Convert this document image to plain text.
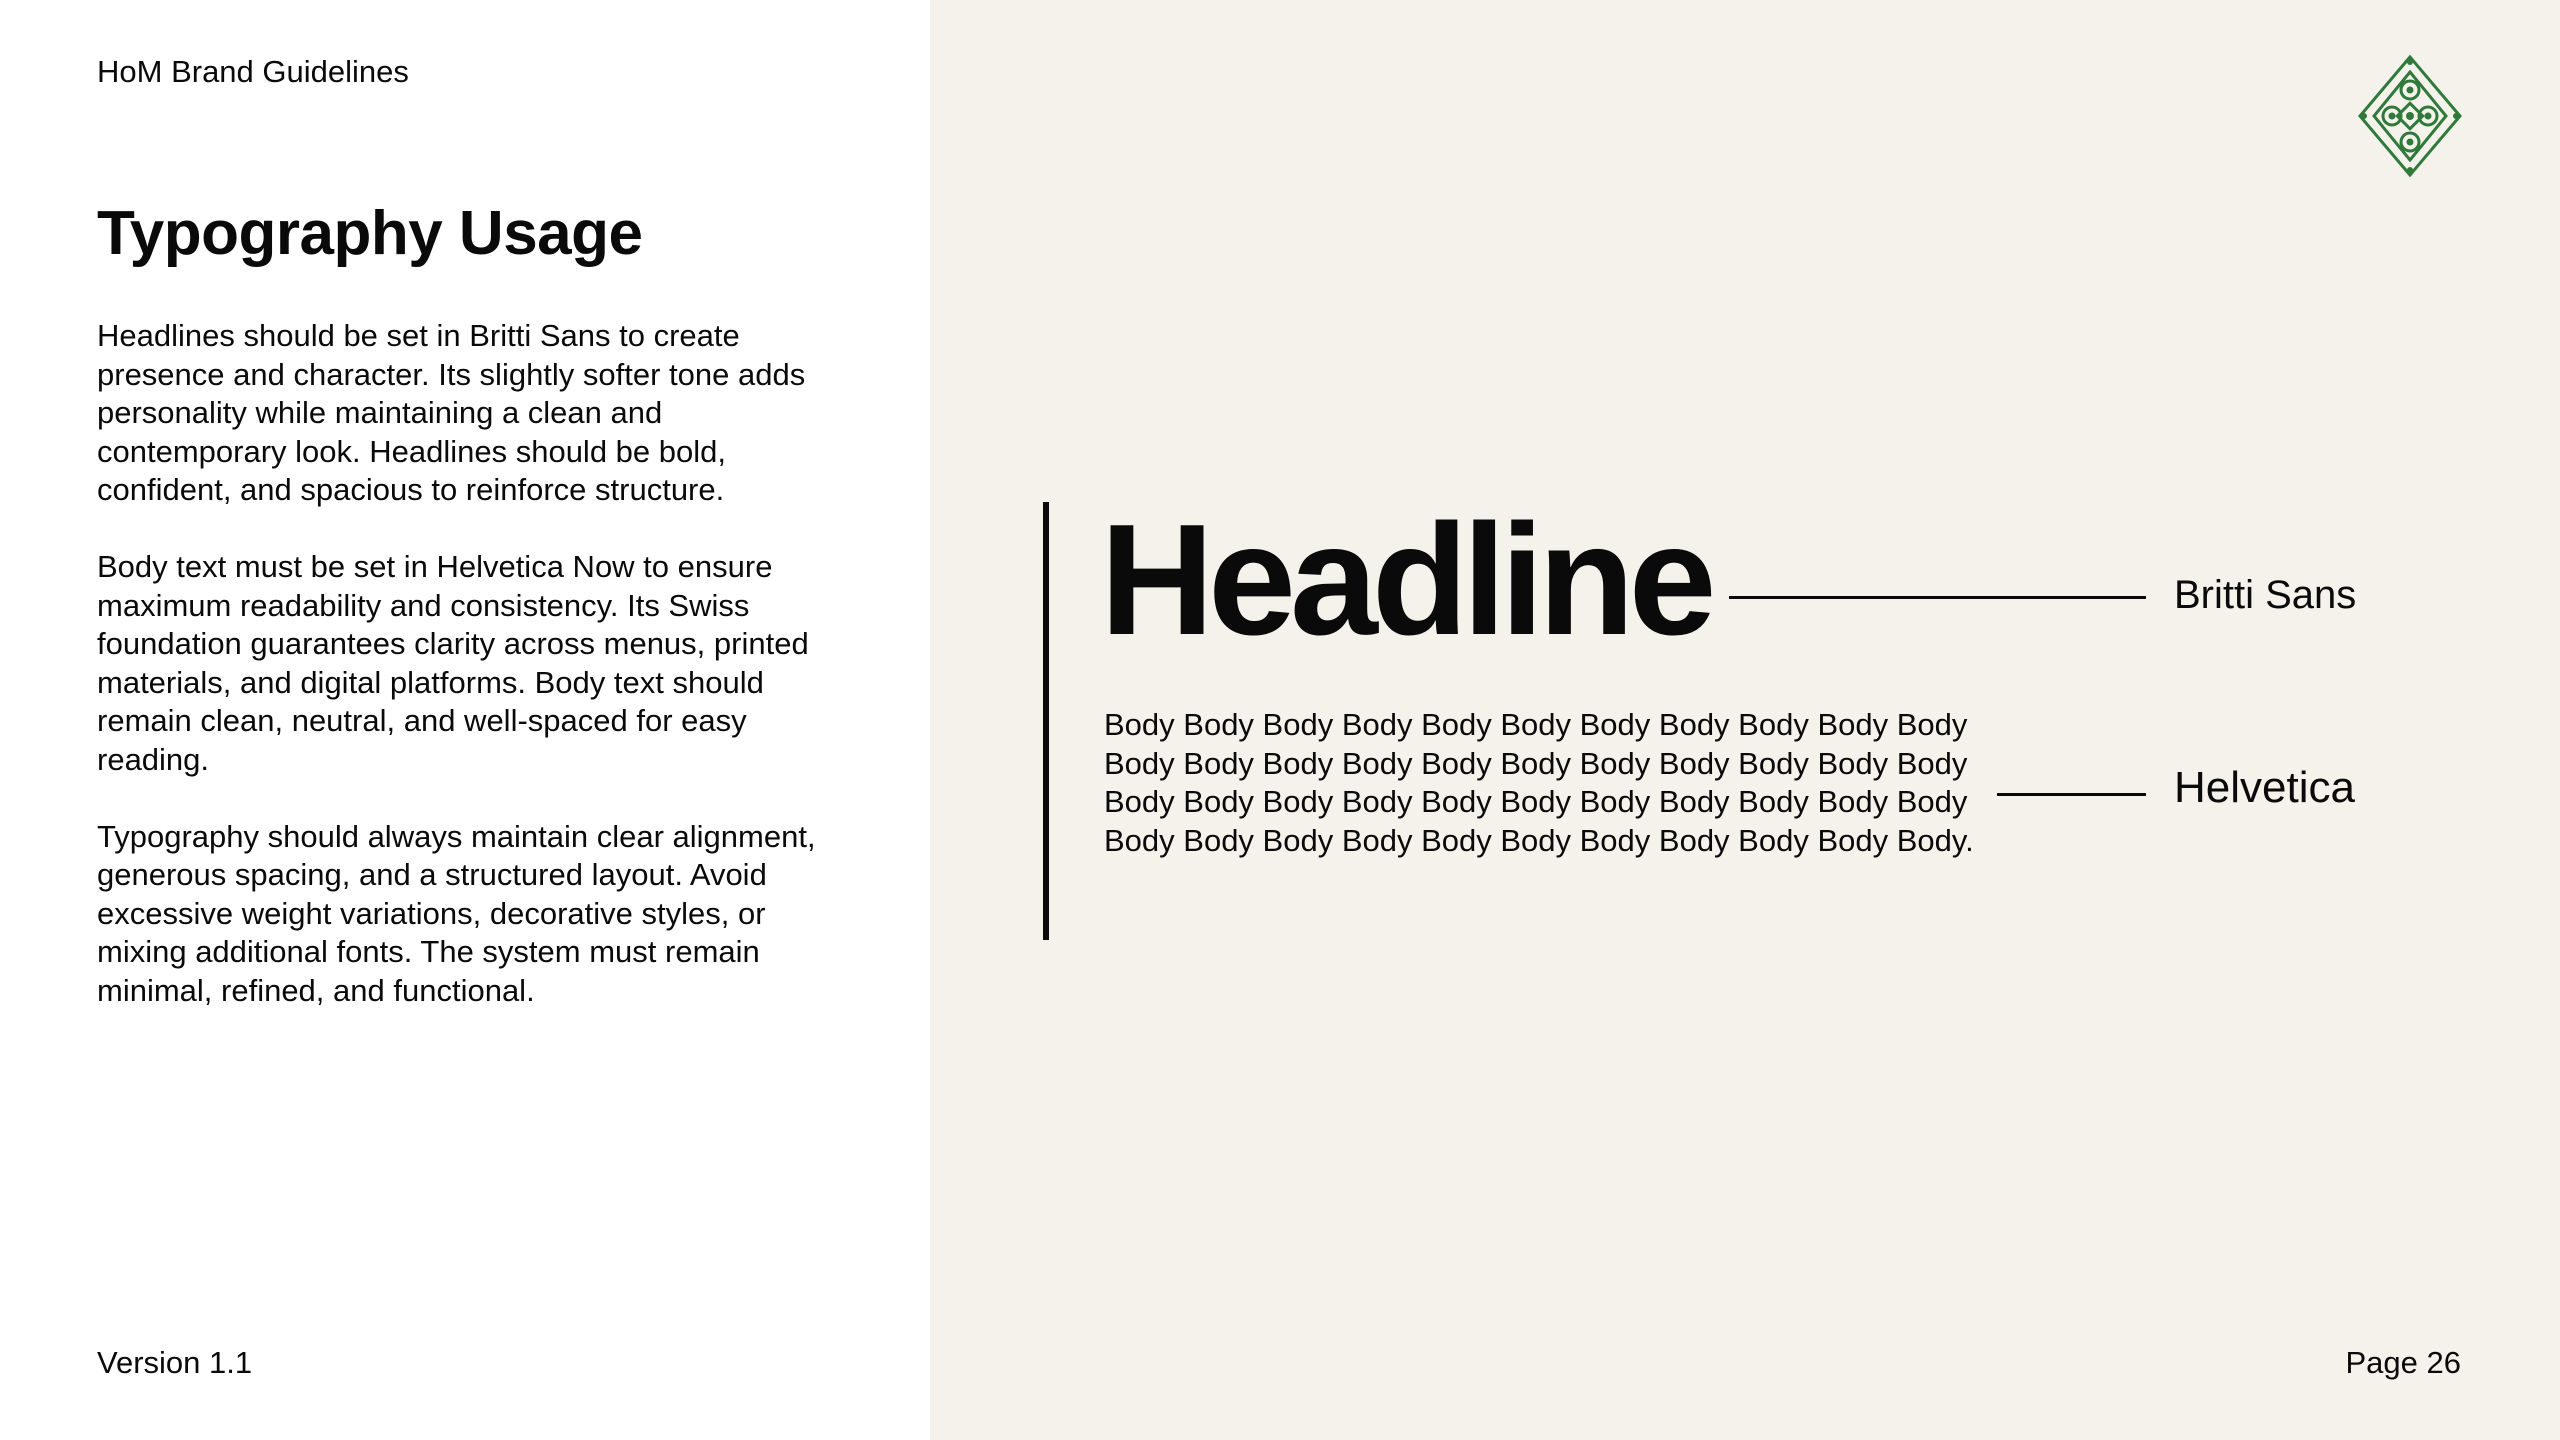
HoM Brand Guidelines
Typography Usage

Headlines should be set in Britti Sans to create presence and character. Its slightly softer tone adds personality while maintaining a clean and contemporary look. Headlines should be bold, confident, and spacious to reinforce structure.

Body text must be set in Helvetica Now to ensure maximum readability and consistency. Its Swiss foundation guarantees clarity across menus, printed materials, and digital platforms. Body text should remain clean, neutral, and well-spaced for easy reading.

Typography should always maintain clear alignment, generous spacing, and a structured layout. Avoid excessive weight variations, decorative styles, or mixing additional fonts. The system must remain minimal, refined, and functional.

Version 1.1
Headline	Britti Sans

Body Body Body Body Body Body Body Body Body Body Body Body Body Body Body Body Body Body Body Body Body Body Body Body Body Body Body Body Body Body Body Body Body Body Body Body Body Body Body Body Body Body Body Body.

Helvetica
Page 26
